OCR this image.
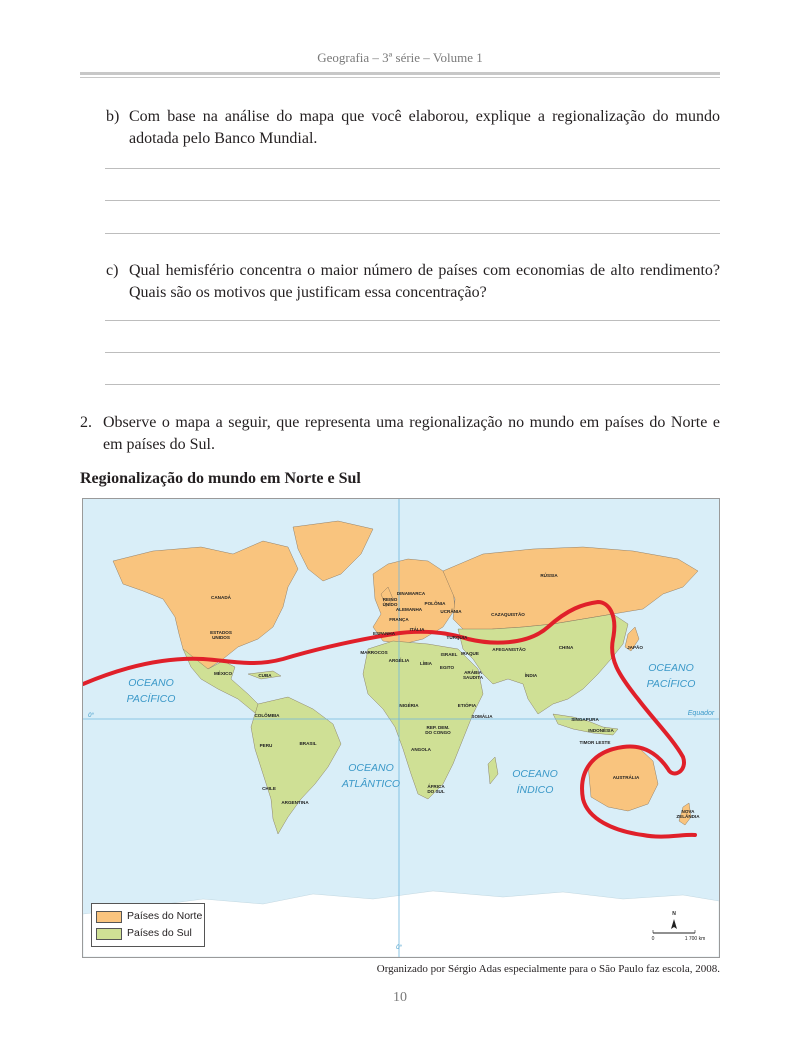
Geografia – 3ª série – Volume 1
b) Com base na análise do mapa que você elaborou, explique a regionalização do mundo adotada pelo Banco Mundial.
c) Qual hemisfério concentra o maior número de países com economias de alto rendimento? Quais são os motivos que justificam essa concentração?
2. Observe o mapa a seguir, que representa uma regionalização no mundo em países do Norte e em países do Sul.
Regionalização do mundo em Norte e Sul
OCEANO
PACÍFICO
OCEANO
ATLÂNTICO
OCEANO
ÍNDICO
OCEANO
PACÍFICO
Equador
0°
0°
CANADÁ
ESTADOS
UNIDOS
MÉXICO	CUBA
COLÔMBIA
PERU	BRASIL
CHILE
ARGENTINA
REINO
UNIDO
DINAMARCA
ALEMANHA
POLÔNIA
UCRÂNIA
FRANÇA
ESPANHA
ITÁLIA
RÚSSIA
CAZAQUISTÃO
TURQUIA
MARROCOS
ARGÉLIA
LÍBIA
EGITO
ISRAEL IRAQUE
AFEGANISTÃO	CHINA	JAPÃO
ARÁBIA
SAUDITA	ÍNDIA
NIGÉRIA	ETIÓPIA
SOMÁLIA
REP. DEM.
DO CONGO
ANGOLA
ÁFRICA
DO SUL
SINGAPURA
INDONÉSIA
TIMOR LESTE
AUSTRÁLIA
NOVA
ZELÂNDIA
N
0	1 700 km
Países do Norte
Países do Sul
Organizado por Sérgio Adas especialmente para o São Paulo faz escola, 2008.
10
